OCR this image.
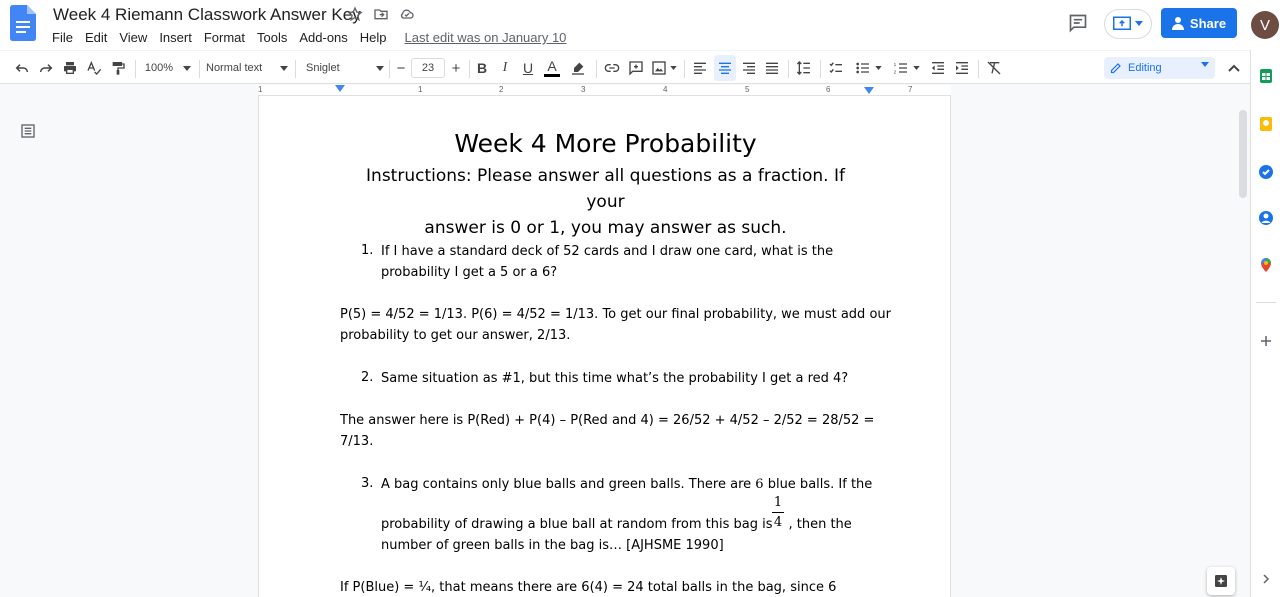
Week 4 Riemann Classwork Answer Key
File Edit View Insert Format Tools Add-ons Help	Last edit was on January 10
Share	V
100%	Normal text	Sniglet	−	23	+	B	I	U A	1
2	Editing
1	1	2	3	4	5	6	7
Week 4 More Probability
Instructions: Please answer all questions as a fraction. If your
answer is 0 or 1, you may answer as such.
1. If I have a standard deck of 52 cards and I draw one card, what is the
probability I get a 5 or a 6?
P(5) = 4/52 = 1/13. P(6) = 4/52 = 1/13. To get our final probability, we must add our
probability to get our answer, 2/13.
2. Same situation as #1, but this time what’s the probability I get a red 4?
The answer here is P(Red) + P(4) – P(Red and 4) = 26/52 + 4/52 – 2/52 = 28/52 =
7/13.
3. A bag contains only blue balls and green balls. There are 6 blue balls. If the
1
4
probability of drawing a blue ball at random from this bag is , then the
number of green balls in the bag is… [AJHSME 1990]
If P(Blue) = ¹⁄₄, that means there are 6(4) = 24 total balls in the bag, since 6
